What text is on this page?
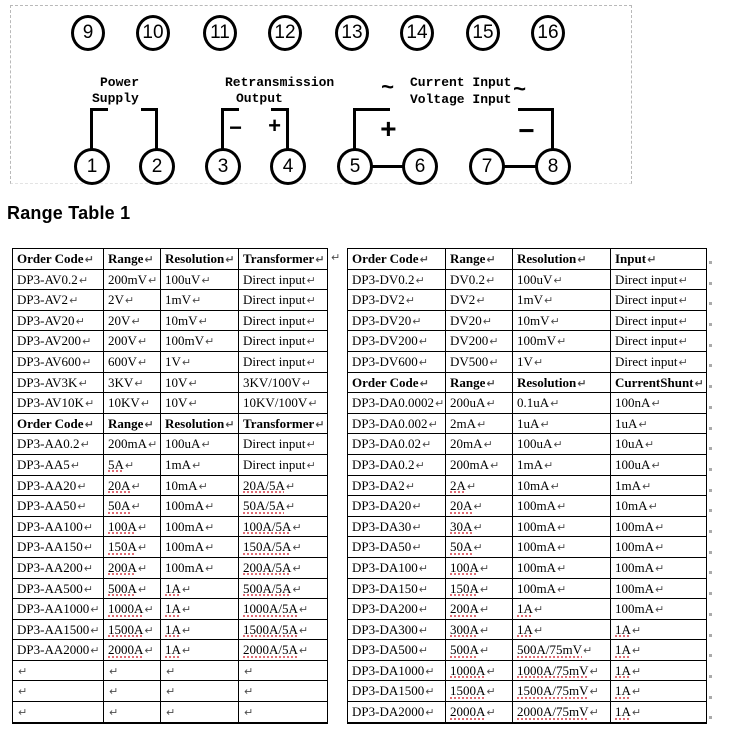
Power
Supply
Retransmission
Output
Current Input
Voltage Input
~	~
− +	+	−
Range Table 1
↵
9	10	11	12	13	14	15	16
1	2	3	4	5	6	7	8
Order Code↵	Range↵	Resolution↵	Transformer↵
DP3-AV0.2↵	200mV↵	100uV↵	Direct input↵
DP3-AV2↵	2V↵	1mV↵	Direct input↵
DP3-AV20↵	20V↵	10mV↵	Direct input↵
DP3-AV200↵	200V↵	100mV↵	Direct input↵
DP3-AV600↵	600V↵	1V↵	Direct input↵
DP3-AV3K↵	3KV↵	10V↵	3KV/100V↵
DP3-AV10K↵	10KV↵	10V↵	10KV/100V↵
Order Code↵	Range↵	Resolution↵	Transformer↵
DP3-AA0.2↵	200mA↵	100uA↵	Direct input↵
DP3-AA5↵	5A↵	1mA↵	Direct input↵
DP3-AA20↵	20A↵	10mA↵	20A/5A↵
DP3-AA50↵	50A↵	100mA↵	50A/5A↵
DP3-AA100↵	100A↵	100mA↵	100A/5A↵
DP3-AA150↵	150A↵	100mA↵	150A/5A↵
DP3-AA200↵	200A↵	100mA↵	200A/5A↵
DP3-AA500↵	500A↵	1A↵	500A/5A↵
DP3-AA1000↵	1000A↵	1A↵	1000A/5A↵
DP3-AA1500↵	1500A↵	1A↵	1500A/5A↵
DP3-AA2000↵	2000A↵	1A↵	2000A/5A↵
↵	↵	↵	↵
↵	↵	↵	↵
↵	↵	↵	↵
Order Code↵	Range↵	Resolution↵	Input↵
DP3-DV0.2↵	DV0.2↵	100uV↵	Direct input↵
DP3-DV2↵	DV2↵	1mV↵	Direct input↵
DP3-DV20↵	DV20↵	10mV↵	Direct input↵
DP3-DV200↵	DV200↵	100mV↵	Direct input↵
DP3-DV600↵	DV500↵	1V↵	Direct input↵
Order Code↵	Range↵	Resolution↵	CurrentShunt↵
DP3-DA0.0002↵	200uA↵	0.1uA↵	100nA↵
DP3-DA0.002↵	2mA↵	1uA↵	1uA↵
DP3-DA0.02↵	20mA↵	100uA↵	10uA↵
DP3-DA0.2↵	200mA↵	1mA↵	100uA↵
DP3-DA2↵	2A↵	10mA↵	1mA↵
DP3-DA20↵	20A↵	100mA↵	10mA↵
DP3-DA30↵	30A↵	100mA↵	100mA↵
DP3-DA50↵	50A↵	100mA↵	100mA↵
DP3-DA100↵	100A↵	100mA↵	100mA↵
DP3-DA150↵	150A↵	100mA↵	100mA↵
DP3-DA200↵	200A↵	1A↵	100mA↵
DP3-DA300↵	300A↵	1A↵	1A↵
DP3-DA500↵	500A↵	500A/75mV↵	1A↵
DP3-DA1000↵	1000A↵	1000A/75mV↵	1A↵
DP3-DA1500↵	1500A↵	1500A/75mV↵	1A↵
DP3-DA2000↵	2000A↵	2000A/75mV↵	1A↵
